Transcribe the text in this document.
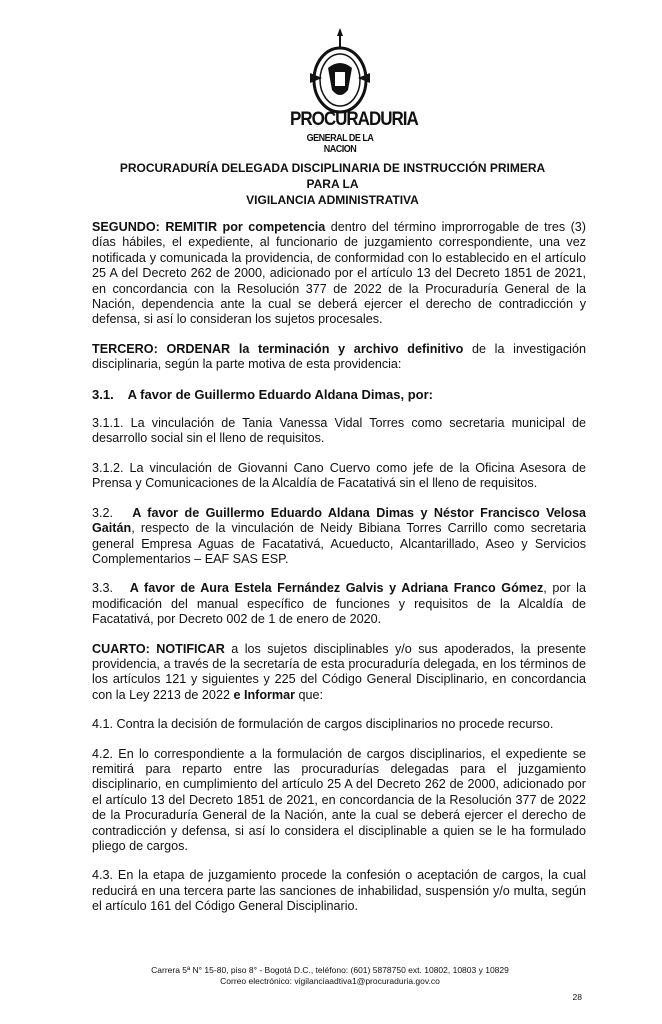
PROCURADURIA
GENERAL DE LA NACION
PROCURADURÍA DELEGADA DISCIPLINARIA DE INSTRUCCIÓN PRIMERA PARA LA
VIGILANCIA ADMINISTRATIVA

SEGUNDO: REMITIR por competencia dentro del término improrrogable de tres (3) días hábiles, el expediente, al funcionario de juzgamiento correspondiente, una vez notificada y comunicada la providencia, de conformidad con lo establecido en el artículo 25 A del Decreto 262 de 2000, adicionado por el artículo 13 del Decreto 1851 de 2021, en concordancia con la Resolución 377 de 2022 de la Procuraduría General de la Nación, dependencia ante la cual se deberá ejercer el derecho de contradicción y defensa, si así lo consideran los sujetos procesales.

TERCERO: ORDENAR la terminación y archivo definitivo de la investigación disciplinaria, según la parte motiva de esta providencia:

3.1.    A favor de Guillermo Eduardo Aldana Dimas, por:

3.1.1. La vinculación de Tania Vanessa Vidal Torres como secretaria municipal de desarrollo social sin el lleno de requisitos.

3.1.2. La vinculación de Giovanni Cano Cuervo como jefe de la Oficina Asesora de Prensa y Comunicaciones de la Alcaldía de Facatativá sin el lleno de requisitos.

3.2.   A favor de Guillermo Eduardo Aldana Dimas y Néstor Francisco Velosa Gaitán, respecto de la vinculación de Neidy Bibiana Torres Carrillo como secretaria general Empresa Aguas de Facatativá, Acueducto, Alcantarillado, Aseo y Servicios Complementarios – EAF SAS ESP.

3.3.   A favor de Aura Estela Fernández Galvis y Adriana Franco Gómez, por la modificación del manual específico de funciones y requisitos de la Alcaldía de Facatativá, por Decreto 002 de 1 de enero de 2020.

CUARTO: NOTIFICAR a los sujetos disciplinables y/o sus apoderados, la presente providencia, a través de la secretaría de esta procuraduría delegada, en los términos de los artículos 121 y siguientes y 225 del Código General Disciplinario, en concordancia con la Ley 2213 de 2022 e Informar que:

4.1. Contra la decisión de formulación de cargos disciplinarios no procede recurso.

4.2. En lo correspondiente a la formulación de cargos disciplinarios, el expediente se remitirá para reparto entre las procuradurías delegadas para el juzgamiento disciplinario, en cumplimiento del artículo 25 A del Decreto 262 de 2000, adicionado por el artículo 13 del Decreto 1851 de 2021, en concordancia de la Resolución 377 de 2022 de la Procuraduría General de la Nación, ante la cual se deberá ejercer el derecho de contradicción y defensa, si así lo considera el disciplinable a quien se le ha formulado pliego de cargos.

4.3. En la etapa de juzgamiento procede la confesión o aceptación de cargos, la cual reducirá en una tercera parte las sanciones de inhabilidad, suspensión y/o multa, según el artículo 161 del Código General Disciplinario.

Carrera 5ª N° 15-80, piso 8° - Bogotá D.C., teléfono: (601) 5878750 ext. 10802, 10803 y 10829
Correo electrónico: vigilanciaadtiva1@procuraduria.gov.co
28
